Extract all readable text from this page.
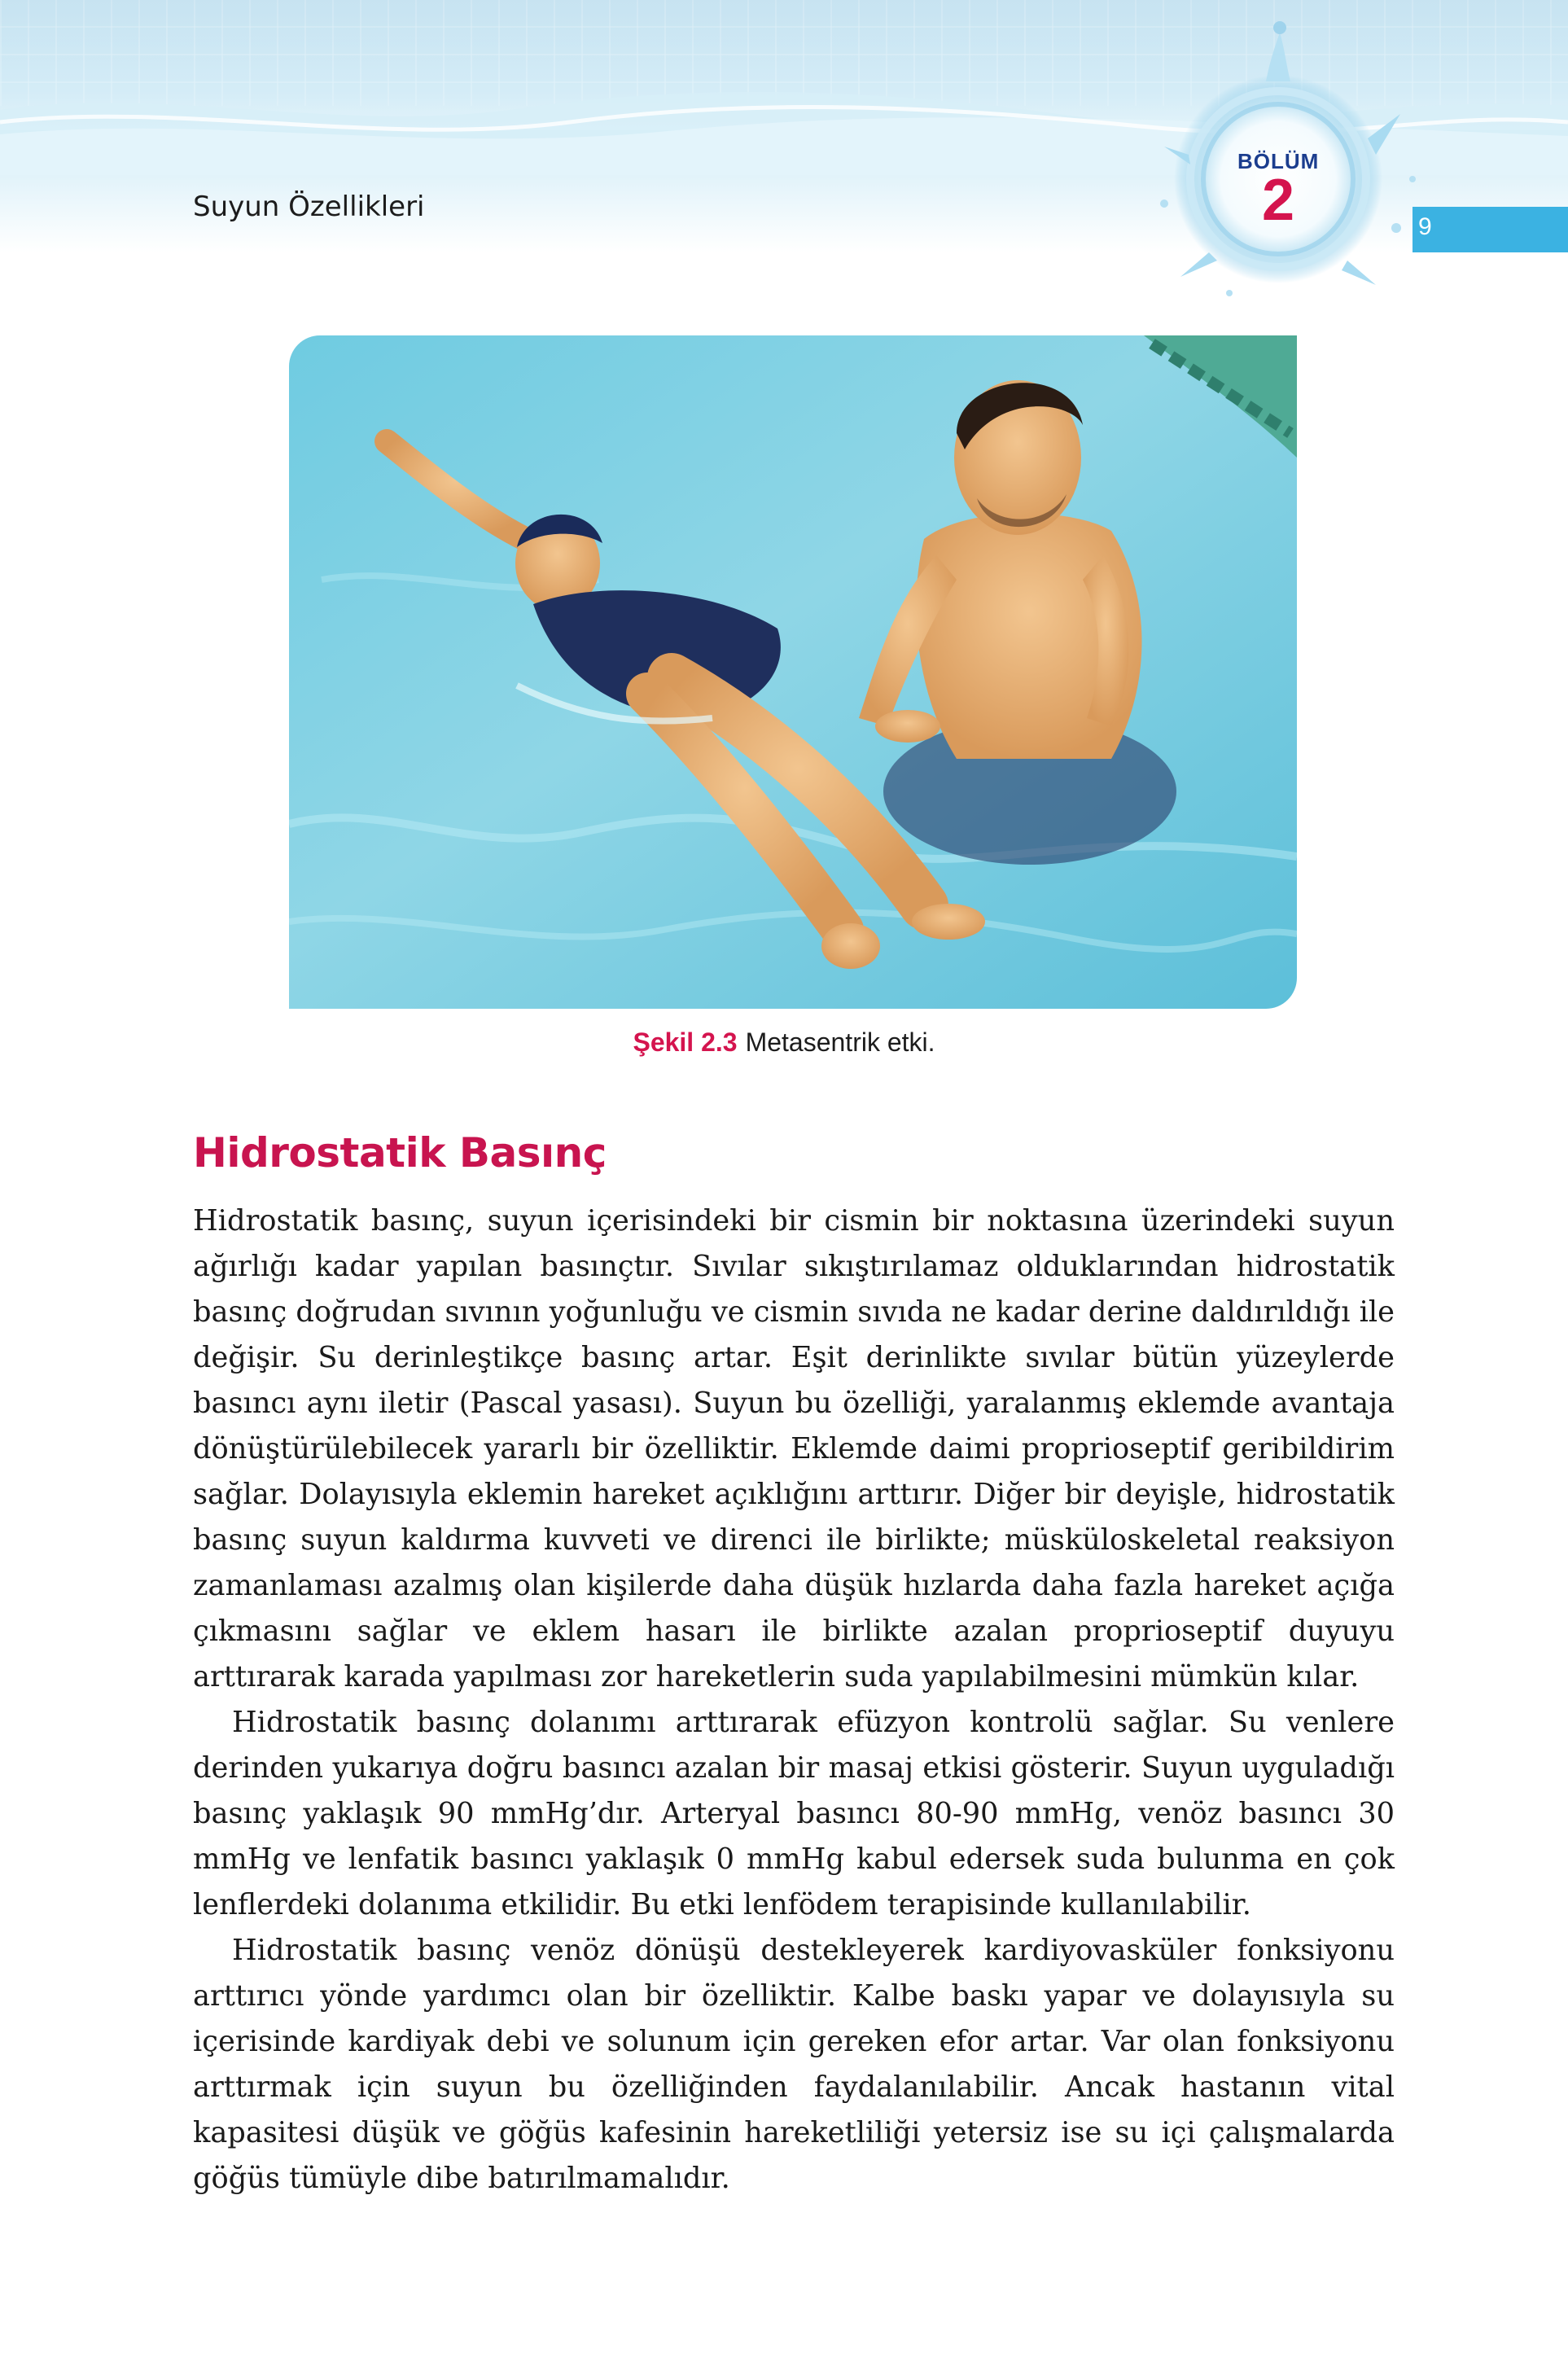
Suyun Özellikleri
9
BÖLÜM
2
Şekil 2.3 Metasentrik etki.
Hidrostatik Basınç

Hidrostatik basınç, suyun içerisindeki bir cismin bir noktasına üzerindeki suyun ağırlığı kadar yapılan basınçtır. Sıvılar sıkıştırılamaz olduklarından hidrostatik basınç doğrudan sıvının yoğunluğu ve cismin sıvıda ne kadar derine daldırıldığı ile değişir. Su derinleştikçe basınç artar. Eşit derinlikte sıvılar bütün yüzeylerde basıncı aynı iletir (Pascal yasası). Suyun bu özelliği, yaralanmış eklemde avantaja dönüştürülebilecek yararlı bir özelliktir. Eklemde daimi proprioseptif geribildirim sağlar. Dolayısıyla eklemin hareket açıklığını arttırır. Diğer bir deyişle, hidrostatik basınç suyun kaldırma kuvveti ve direnci ile birlikte; müsküloskeletal reaksiyon zamanlaması azalmış olan kişilerde daha düşük hızlarda daha fazla hareket açığa çıkmasını sağlar ve eklem hasarı ile birlikte azalan proprioseptif duyuyu arttırarak karada yapılması zor hareketlerin suda yapılabilmesini mümkün kılar.

Hidrostatik basınç dolanımı arttırarak efüzyon kontrolü sağlar. Su venlere derinden yukarıya doğru basıncı azalan bir masaj etkisi gösterir. Suyun uyguladığı basınç yaklaşık 90 mmHg’dır. Arteryal basıncı 80-90 mmHg, venöz basıncı 30 mmHg ve lenfatik basıncı yaklaşık 0 mmHg kabul edersek suda bulunma en çok lenflerdeki dolanıma etkilidir. Bu etki lenfödem terapisinde kullanılabilir.

Hidrostatik basınç venöz dönüşü destekleyerek kardiyovasküler fonksiyonu arttırıcı yönde yardımcı olan bir özelliktir. Kalbe baskı yapar ve dolayısıyla su içerisinde kardiyak debi ve solunum için gereken efor artar. Var olan fonksiyonu arttırmak için suyun bu özelliğinden faydalanılabilir. Ancak hastanın vital kapasitesi düşük ve göğüs kafesinin hareketliliği yetersiz ise su içi çalışmalarda göğüs tümüyle dibe batırılmamalıdır.
